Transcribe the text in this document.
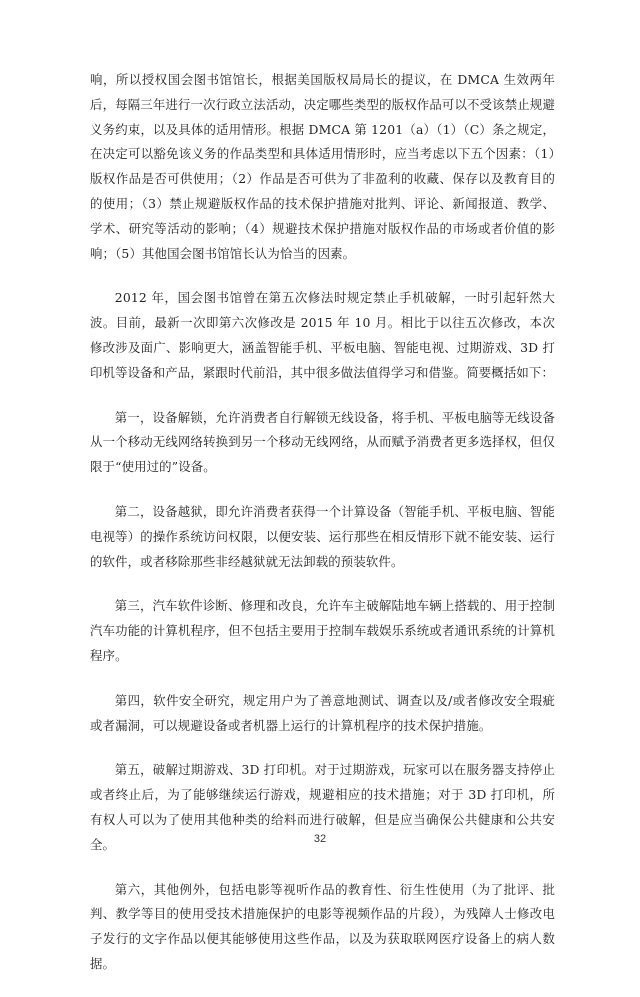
响，所以授权国会图书馆馆长，根据美国版权局局长的提议，在 DMCA 生效两年后，每隔三年进行一次行政立法活动，决定哪些类型的版权作品可以不受该禁止规避义务约束，以及具体的适用情形。根据 DMCA 第 1201（a）（1）（C）条之规定，在决定可以豁免该义务的作品类型和具体适用情形时，应当考虑以下五个因素：（1）版权作品是否可供使用；（2）作品是否可供为了非盈利的收藏、保存以及教育目的的使用；（3）禁止规避版权作品的技术保护措施对批判、评论、新闻报道、教学、学术、研究等活动的影响；（4）规避技术保护措施对版权作品的市场或者价值的影响；（5）其他国会图书馆馆长认为恰当的因素。

2012 年，国会图书馆曾在第五次修法时规定禁止手机破解，一时引起轩然大波。目前，最新一次即第六次修改是 2015 年 10 月。相比于以往五次修改，本次修改涉及面广、影响更大，涵盖智能手机、平板电脑、智能电视、过期游戏、3D 打印机等设备和产品，紧跟时代前沿，其中很多做法值得学习和借鉴。简要概括如下：

第一，设备解锁，允许消费者自行解锁无线设备，将手机、平板电脑等无线设备从一个移动无线网络转换到另一个移动无线网络，从而赋予消费者更多选择权，但仅限于“使用过的”设备。

第二，设备越狱，即允许消费者获得一个计算设备（智能手机、平板电脑、智能电视等）的操作系统访问权限，以便安装、运行那些在相反情形下就不能安装、运行的软件，或者移除那些非经越狱就无法卸载的预装软件。

第三，汽车软件诊断、修理和改良，允许车主破解陆地车辆上搭载的、用于控制汽车功能的计算机程序，但不包括主要用于控制车载娱乐系统或者通讯系统的计算机程序。

第四，软件安全研究，规定用户为了善意地测试、调查以及/或者修改安全瑕疵或者漏洞，可以规避设备或者机器上运行的计算机程序的技术保护措施。

第五，破解过期游戏、3D 打印机。对于过期游戏，玩家可以在服务器支持停止或者终止后，为了能够继续运行游戏，规避相应的技术措施；对于 3D 打印机，所有权人可以为了使用其他种类的给料而进行破解，但是应当确保公共健康和公共安全。

第六，其他例外，包括电影等视听作品的教育性、衍生性使用（为了批评、批判、教学等目的使用受技术措施保护的电影等视频作品的片段），为残障人士修改电子发行的文字作品以便其能够使用这些作品，以及为获取联网医疗设备上的病人数据。

32
